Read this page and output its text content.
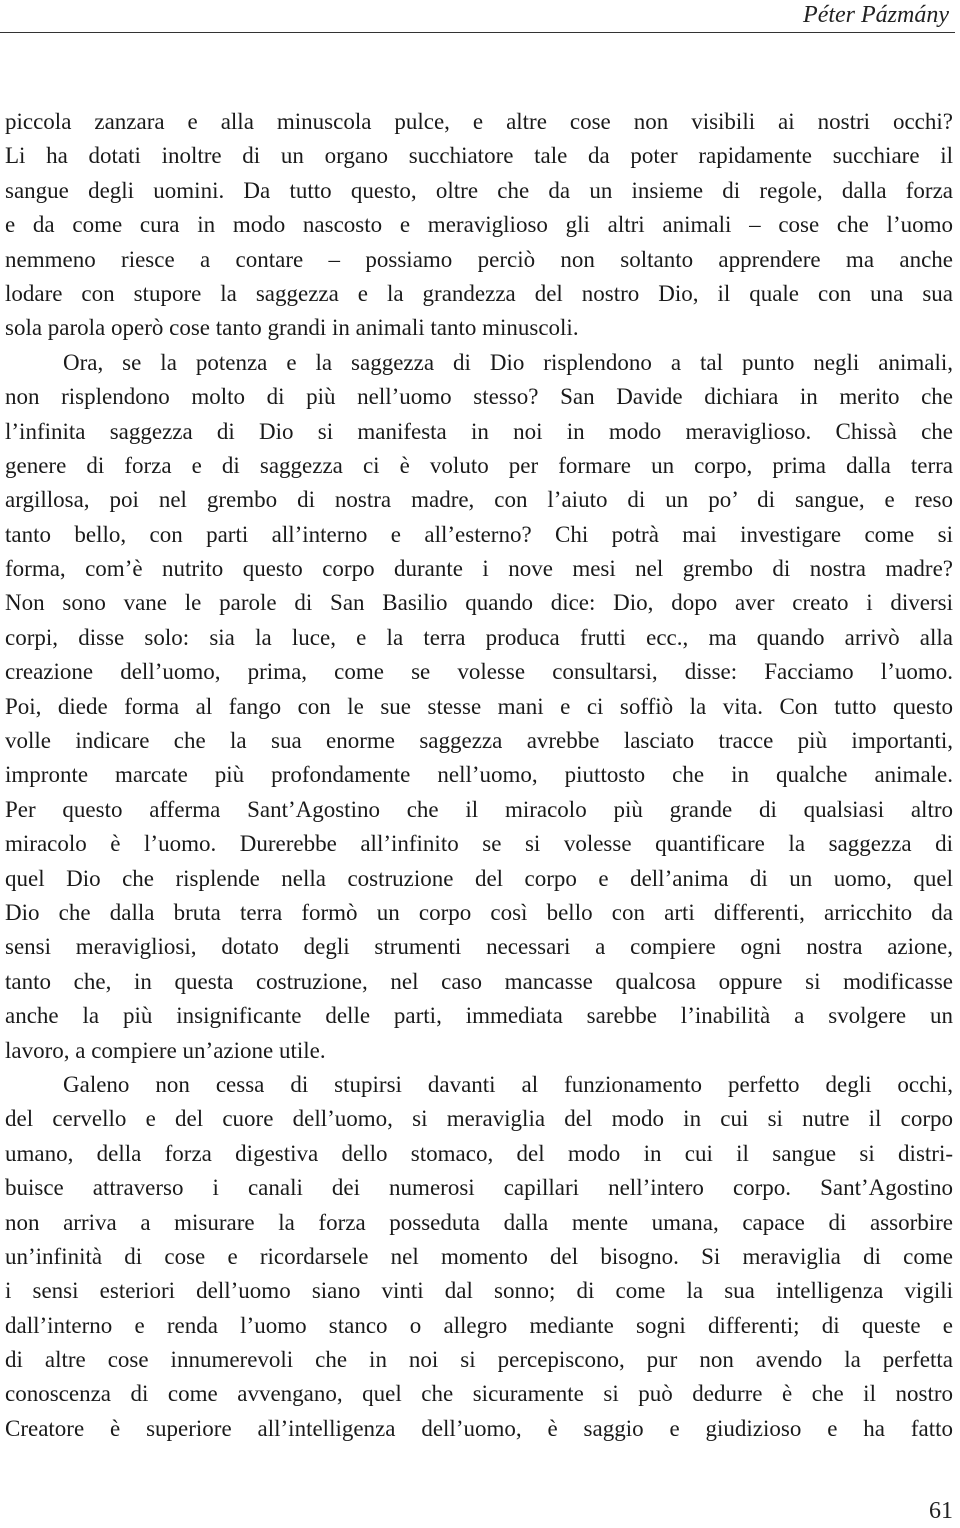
Péter Pázmány
piccola zanzara e alla minuscola pulce, e altre cose non visibili ai nostri occhi?
Li ha dotati inoltre di un organo succhiatore tale da poter rapidamente succhiare il
sangue degli uomini. Da tutto questo, oltre che da un insieme di regole, dalla forza
e da come cura in modo nascosto e meraviglioso gli altri animali – cose che l’uomo
nemmeno riesce a contare – possiamo perciò non soltanto apprendere ma anche
lodare con stupore la saggezza e la grandezza del nostro Dio, il quale con una sua
sola parola operò cose tanto grandi in animali tanto minuscoli.
Ora, se la potenza e la saggezza di Dio risplendono a tal punto negli animali,
non risplendono molto di più nell’uomo stesso? San Davide dichiara in merito che
l’infinita saggezza di Dio si manifesta in noi in modo meraviglioso. Chissà che
genere di forza e di saggezza ci è voluto per formare un corpo, prima dalla terra
argillosa, poi nel grembo di nostra madre, con l’aiuto di un po’ di sangue, e reso
tanto bello, con parti all’interno e all’esterno? Chi potrà mai investigare come si
forma, com’è nutrito questo corpo durante i nove mesi nel grembo di nostra madre?
Non sono vane le parole di San Basilio quando dice: Dio, dopo aver creato i diversi
corpi, disse solo: sia la luce, e la terra produca frutti ecc., ma quando arrivò alla
creazione dell’uomo, prima, come se volesse consultarsi, disse: Facciamo l’uomo.
Poi, diede forma al fango con le sue stesse mani e ci soffiò la vita. Con tutto questo
volle indicare che la sua enorme saggezza avrebbe lasciato tracce più importanti,
impronte marcate più profondamente nell’uomo, piuttosto che in qualche animale.
Per questo afferma Sant’Agostino che il miracolo più grande di qualsiasi altro
miracolo è l’uomo. Durerebbe all’infinito se si volesse quantificare la saggezza di
quel Dio che risplende nella costruzione del corpo e dell’anima di un uomo, quel
Dio che dalla bruta terra formò un corpo così bello con arti differenti, arricchito da
sensi meravigliosi, dotato degli strumenti necessari a compiere ogni nostra azione,
tanto che, in questa costruzione, nel caso mancasse qualcosa oppure si modificasse
anche la più insignificante delle parti, immediata sarebbe l’inabilità a svolgere un
lavoro, a compiere un’azione utile.
Galeno non cessa di stupirsi davanti al funzionamento perfetto degli occhi,
del cervello e del cuore dell’uomo, si meraviglia del modo in cui si nutre il corpo
umano, della forza digestiva dello stomaco, del modo in cui il sangue si distri-
buisce attraverso i canali dei numerosi capillari nell’intero corpo. Sant’Agostino
non arriva a misurare la forza posseduta dalla mente umana, capace di assorbire
un’infinità di cose e ricordarsele nel momento del bisogno. Si meraviglia di come
i sensi esteriori dell’uomo siano vinti dal sonno; di come la sua intelligenza vigili
dall’interno e renda l’uomo stanco o allegro mediante sogni differenti; di queste e
di altre cose innumerevoli che in noi si percepiscono, pur non avendo la perfetta
conoscenza di come avvengano, quel che sicuramente si può dedurre è che il nostro
Creatore è superiore all’intelligenza dell’uomo, è saggio e giudizioso e ha fatto
61
